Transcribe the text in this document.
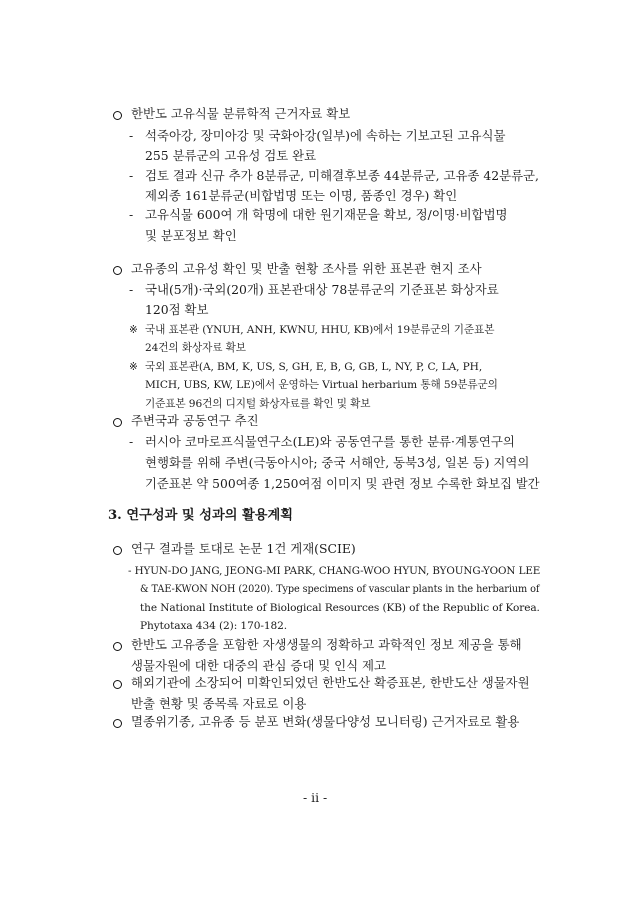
한반도 고유식물 분류학적 근거자료 확보
- 석죽아강, 장미아강 및 국화아강(일부)에 속하는 기보고된 고유식물
255 분류군의 고유성 검토 완료
- 검토 결과 신규 추가 8분류군, 미해결후보종 44분류군, 고유종 42분류군,
제외종 161분류군(비합법명 또는 이명, 품종인 경우) 확인
- 고유식물 600여 개 학명에 대한 원기재문을 확보, 정/이명·비합법명
및 분포정보 확인
고유종의 고유성 확인 및 반출 현황 조사를 위한 표본관 현지 조사
- 국내(5개)·국외(20개) 표본관대상 78분류군의 기준표본 화상자료
120점 확보
※ 국내 표본관 (YNUH, ANH, KWNU, HHU, KB)에서 19분류군의 기준표본
24건의 화상자료 확보
※ 국외 표본관(A, BM, K, US, S, GH, E, B, G, GB, L, NY, P, C, LA, PH,
MICH, UBS, KW, LE)에서 운영하는 Virtual herbarium 통해 59분류군의
기준표본 96건의 디지털 화상자료를 확인 및 확보
주변국과 공동연구 추진
- 러시아 코마로프식물연구소(LE)와 공동연구를 통한 분류·계통연구의
현행화를 위해 주변(극동아시아; 중국 서해안, 동북3성, 일본 등) 지역의
기준표본 약 500여종 1,250여점 이미지 및 관련 정보 수록한 화보집 발간
3. 연구성과 및 성과의 활용계획
연구 결과를 토대로 논문 1건 게재(SCIE)
- HYUN-DO JANG, JEONG-MI PARK, CHANG-WOO HYUN, BYOUNG-YOON LEE
& TAE-KWON NOH (2020). Type specimens of vascular plants in the herbarium of
the National Institute of Biological Resources (KB) of the Republic of Korea.
Phytotaxa 434 (2): 170-182.
한반도 고유종을 포함한 자생생물의 정확하고 과학적인 정보 제공을 통해
생물자원에 대한 대중의 관심 증대 및 인식 제고
해외기관에 소장되어 미확인되었던 한반도산 확증표본, 한반도산 생물자원
반출 현황 및 종목록 자료로 이용
멸종위기종, 고유종 등 분포 변화(생물다양성 모니터링) 근거자료로 활용
- ii -
